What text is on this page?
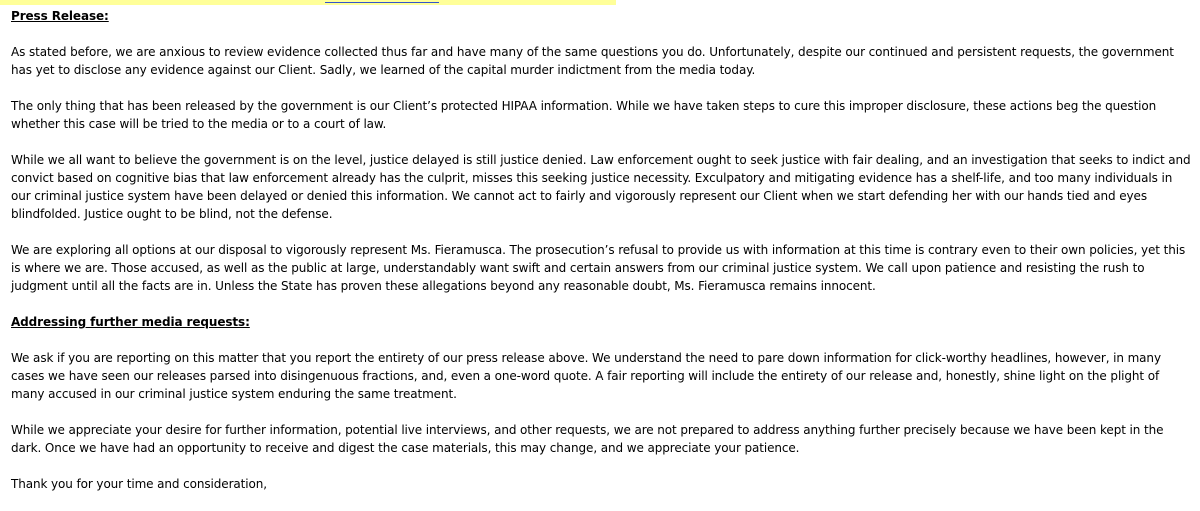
Press Release:

As stated before, we are anxious to review evidence collected thus far and have many of the same questions you do. Unfortunately, despite our continued and persistent requests, the government has yet to disclose any evidence against our Client. Sadly, we learned of the capital murder indictment from the media today.

The only thing that has been released by the government is our Client’s protected HIPAA information. While we have taken steps to cure this improper disclosure, these actions beg the question whether this case will be tried to the media or to a court of law.

While we all want to believe the government is on the level, justice delayed is still justice denied. Law enforcement ought to seek justice with fair dealing, and an investigation that seeks to indict and convict based on cognitive bias that law enforcement already has the culprit, misses this seeking justice necessity. Exculpatory and mitigating evidence has a shelf-life, and too many individuals in our criminal justice system have been delayed or denied this information. We cannot act to fairly and vigorously represent our Client when we start defending her with our hands tied and eyes blindfolded. Justice ought to be blind, not the defense.

We are exploring all options at our disposal to vigorously represent Ms. Fieramusca. The prosecution’s refusal to provide us with information at this time is contrary even to their own policies, yet this is where we are. Those accused, as well as the public at large, understandably want swift and certain answers from our criminal justice system. We call upon patience and resisting the rush to judgment until all the facts are in. Unless the State has proven these allegations beyond any reasonable doubt, Ms. Fieramusca remains innocent.

Addressing further media requests:

We ask if you are reporting on this matter that you report the entirety of our press release above. We understand the need to pare down information for click-worthy headlines, however, in many cases we have seen our releases parsed into disingenuous fractions, and, even a one-word quote. A fair reporting will include the entirety of our release and, honestly, shine light on the plight of many accused in our criminal justice system enduring the same treatment.

While we appreciate your desire for further information, potential live interviews, and other requests, we are not prepared to address anything further precisely because we have been kept in the dark. Once we have had an opportunity to receive and digest the case materials, this may change, and we appreciate your patience.

Thank you for your time and consideration,
